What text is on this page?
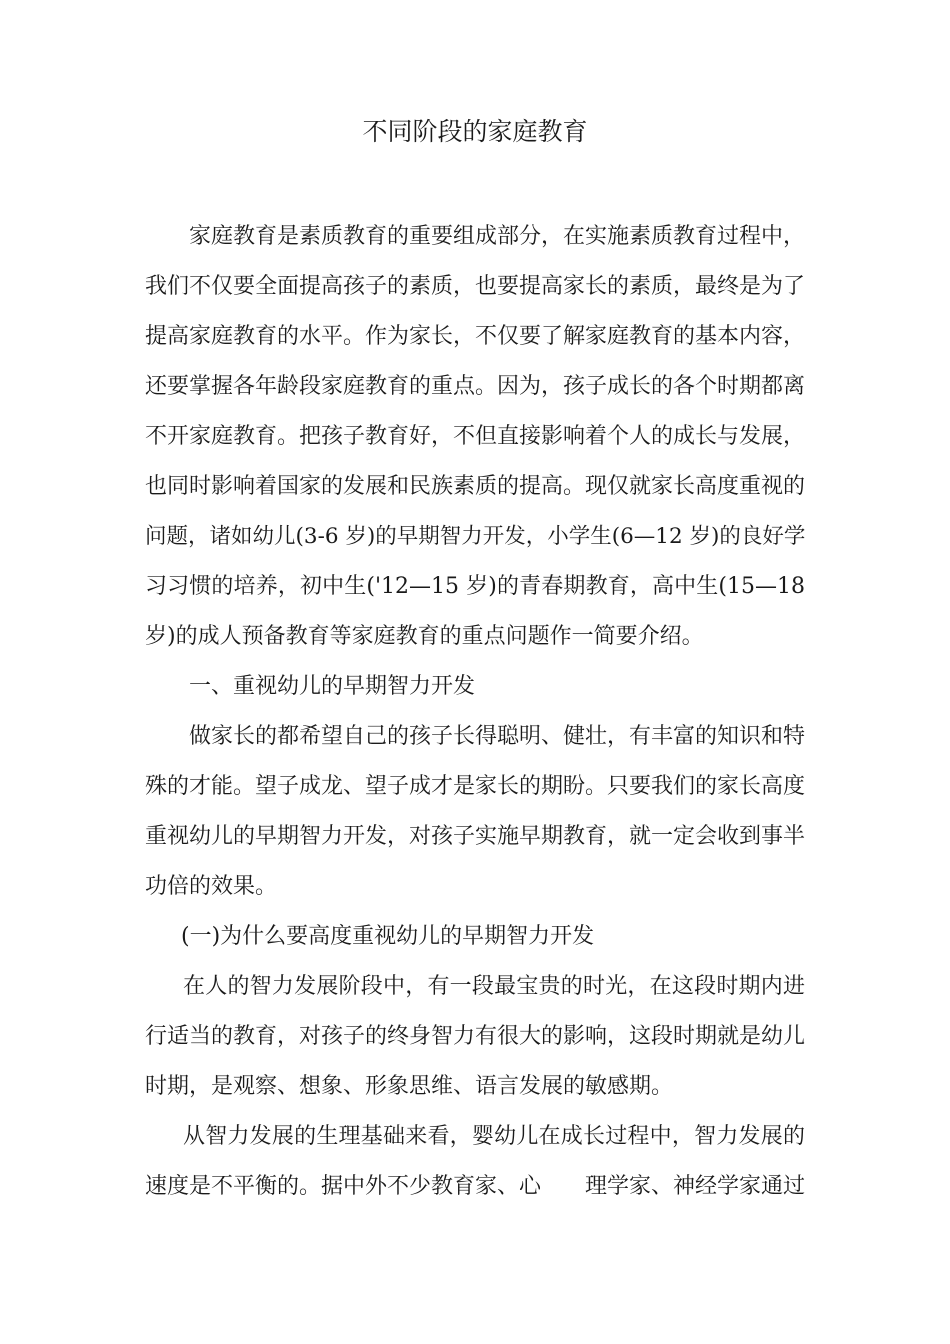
不同阶段的家庭教育
家庭教育是素质教育的重要组成部分，在实施素质教育过程中，
我们不仅要全面提高孩子的素质，也要提高家长的素质，最终是为了
提高家庭教育的水平。作为家长，不仅要了解家庭教育的基本内容，
还要掌握各年龄段家庭教育的重点。因为，孩子成长的各个时期都离
不开家庭教育。把孩子教育好，不但直接影响着个人的成长与发展，
也同时影响着国家的发展和民族素质的提高。现仅就家长高度重视的
问题，诸如幼儿(3-6 岁)的早期智力开发，小学生(6—12 岁)的良好学
习习惯的培养，初中生('12—15 岁)的青春期教育，高中生(15—18
岁)的成人预备教育等家庭教育的重点问题作一简要介绍。
一、重视幼儿的早期智力开发
做家长的都希望自己的孩子长得聪明、健壮，有丰富的知识和特
殊的才能。望子成龙、望子成才是家长的期盼。只要我们的家长高度
重视幼儿的早期智力开发，对孩子实施早期教育，就一定会收到事半
功倍的效果。
(一)为什么要高度重视幼儿的早期智力开发
在人的智力发展阶段中，有一段最宝贵的时光，在这段时期内进
行适当的教育，对孩子的终身智力有很大的影响，这段时期就是幼儿
时期，是观察、想象、形象思维、语言发展的敏感期。
从智力发展的生理基础来看，婴幼儿在成长过程中，智力发展的
速度是不平衡的。据中外不少教育家、心　　理学家、神经学家通过
